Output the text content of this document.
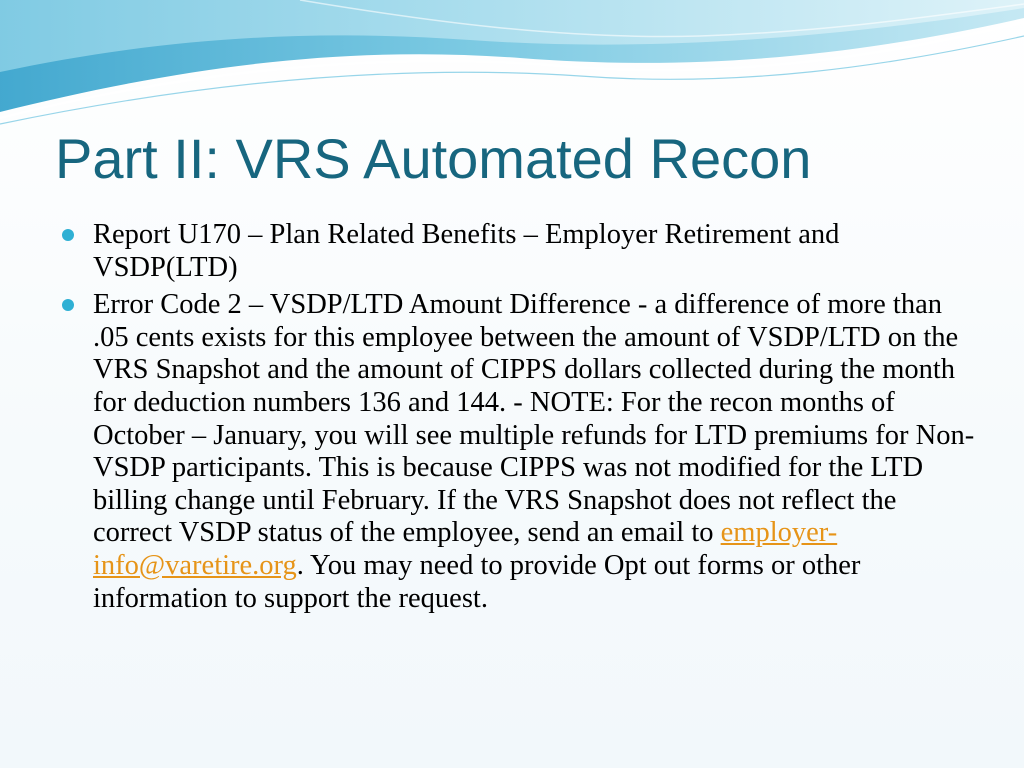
Part II: VRS Automated Recon
Report U170 – Plan Related Benefits – Employer Retirement and VSDP(LTD)
Error Code 2 – VSDP/LTD Amount Difference - a difference of more than .05 cents exists for this employee between the amount of VSDP/LTD on the VRS Snapshot and the amount of CIPPS dollars collected during the month for deduction numbers 136 and 144. - NOTE: For the recon months of October – January, you will see multiple refunds for LTD premiums for Non-VSDP participants. This is because CIPPS was not modified for the LTD billing change until February. If the VRS Snapshot does not reflect the correct VSDP status of the employee, send an email to employer-info@varetire.org. You may need to provide Opt out forms or other information to support the request.
